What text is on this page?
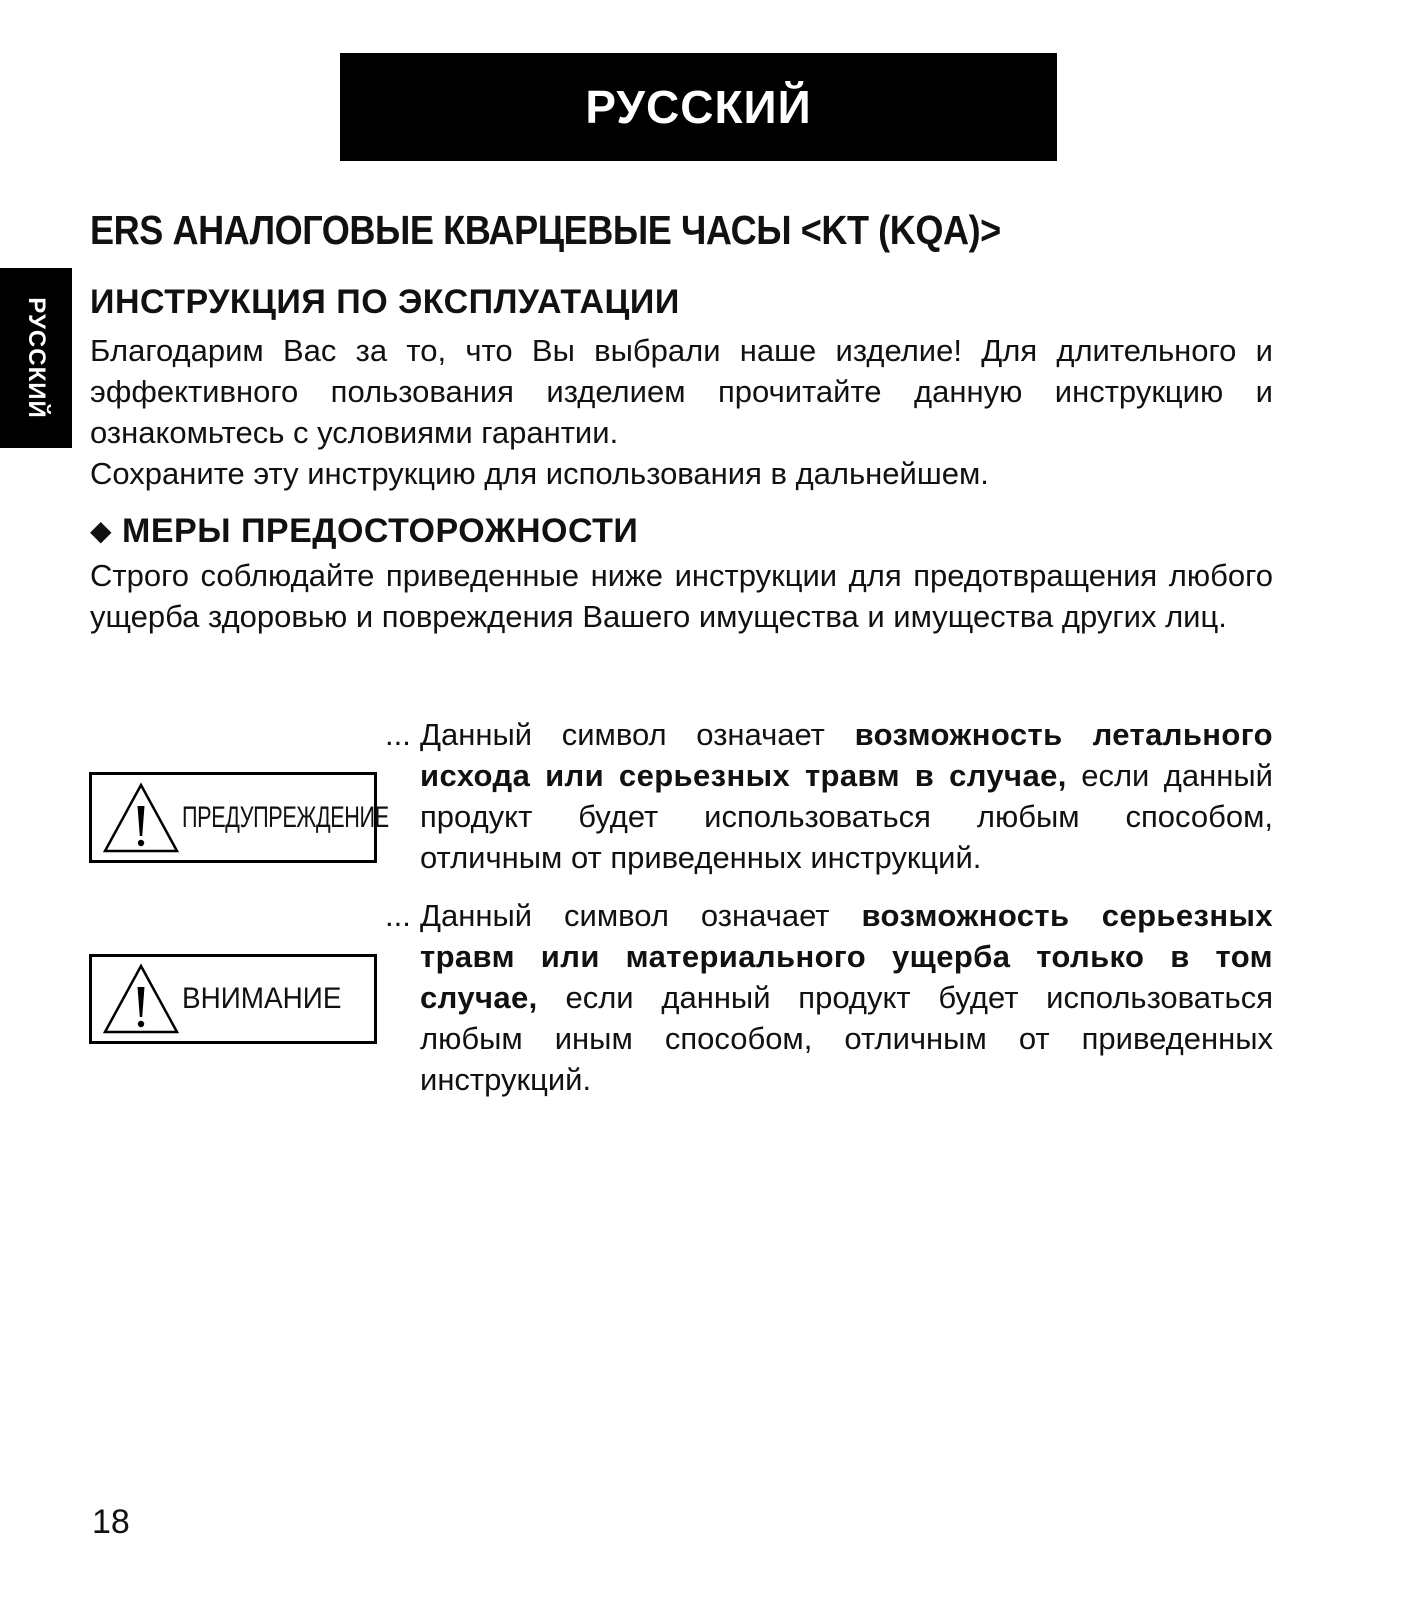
РУССКИЙ
РУССКИЙ
ERS АНАЛОГОВЫЕ КВАРЦЕВЫЕ ЧАСЫ <KT (KQA)>
ИНСТРУКЦИЯ ПО ЭКСПЛУАТАЦИИ

Благодарим Вас за то, что Вы выбрали наше изделие! Для длительного и эффективного пользования изделием прочитайте данную инструкцию и ознакомьтесь с условиями гарантии.

Сохраните эту инструкцию для использования в дальнейшем.

◆ МЕРЫ ПРЕДОСТОРОЖНОСТИ
Строго соблюдайте приведенные ниже инструкции для предотвращения любого ущерба здоровью и повреждения Вашего имущества и имущества других лиц.
ПРЕДУПРЕЖДЕНИЕ
... Данный символ означает возможность летального исхода или серьезных травм в случае, если данный продукт будет использоваться любым способом, отличным от приведенных инструкций.
ВНИМАНИЕ
... Данный символ означает возможность серьезных травм или материального ущерба только в том случае, если данный продукт будет использоваться любым иным способом, отличным от приведенных инструкций.
18
